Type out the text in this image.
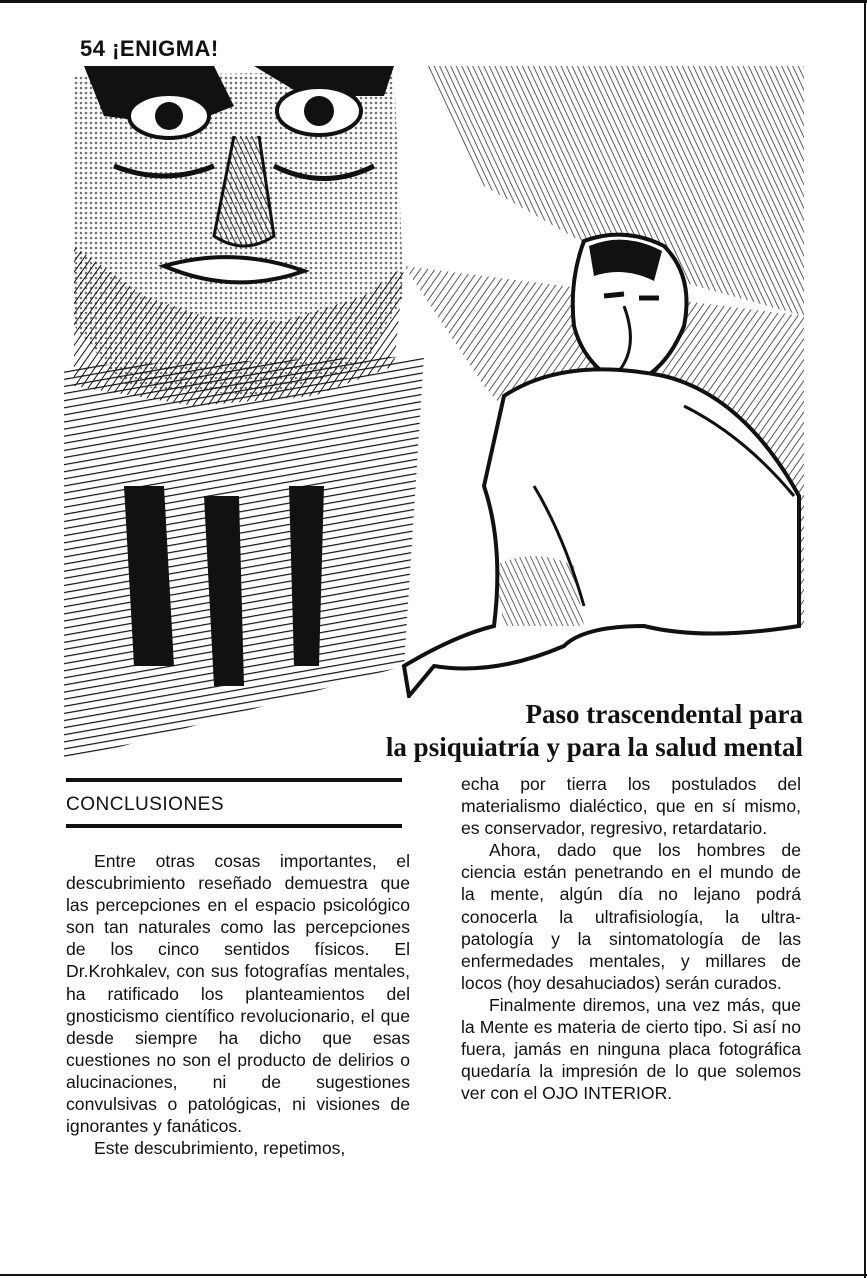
54 ¡ENIGMA!
Paso trascendental para
la psiquiatría y para la salud mental
CONCLUSIONES

Entre otras cosas importantes, el descubrimiento reseñado demuestra que las percepciones en el espacio psicológico son tan naturales como las percepciones de los cinco sentidos físicos. El Dr.Krohkalev, con sus fotografías mentales, ha ratificado los planteamientos del gnosticismo científico revolucionario, el que desde siempre ha dicho que esas cuestiones no son el producto de delirios o alucinaciones, ni de sugestiones convulsivas o patológicas, ni visiones de ignorantes y fanáticos.

Este descubrimiento, repetimos,

echa por tierra los postulados del materialismo dialéctico, que en sí mismo, es conservador, regresivo, retardatario.

Ahora, dado que los hombres de ciencia están penetrando en el mundo de la mente, algún día no lejano podrá conocerla la ultrafisiología, la ultra-patología y la sintomatología de las enfermedades mentales, y millares de locos (hoy desahuciados) serán curados.

Finalmente diremos, una vez más, que la Mente es materia de cierto tipo. Si así no fuera, jamás en ninguna placa fotográfica quedaría la impresión de lo que solemos ver con el OJO INTERIOR.
